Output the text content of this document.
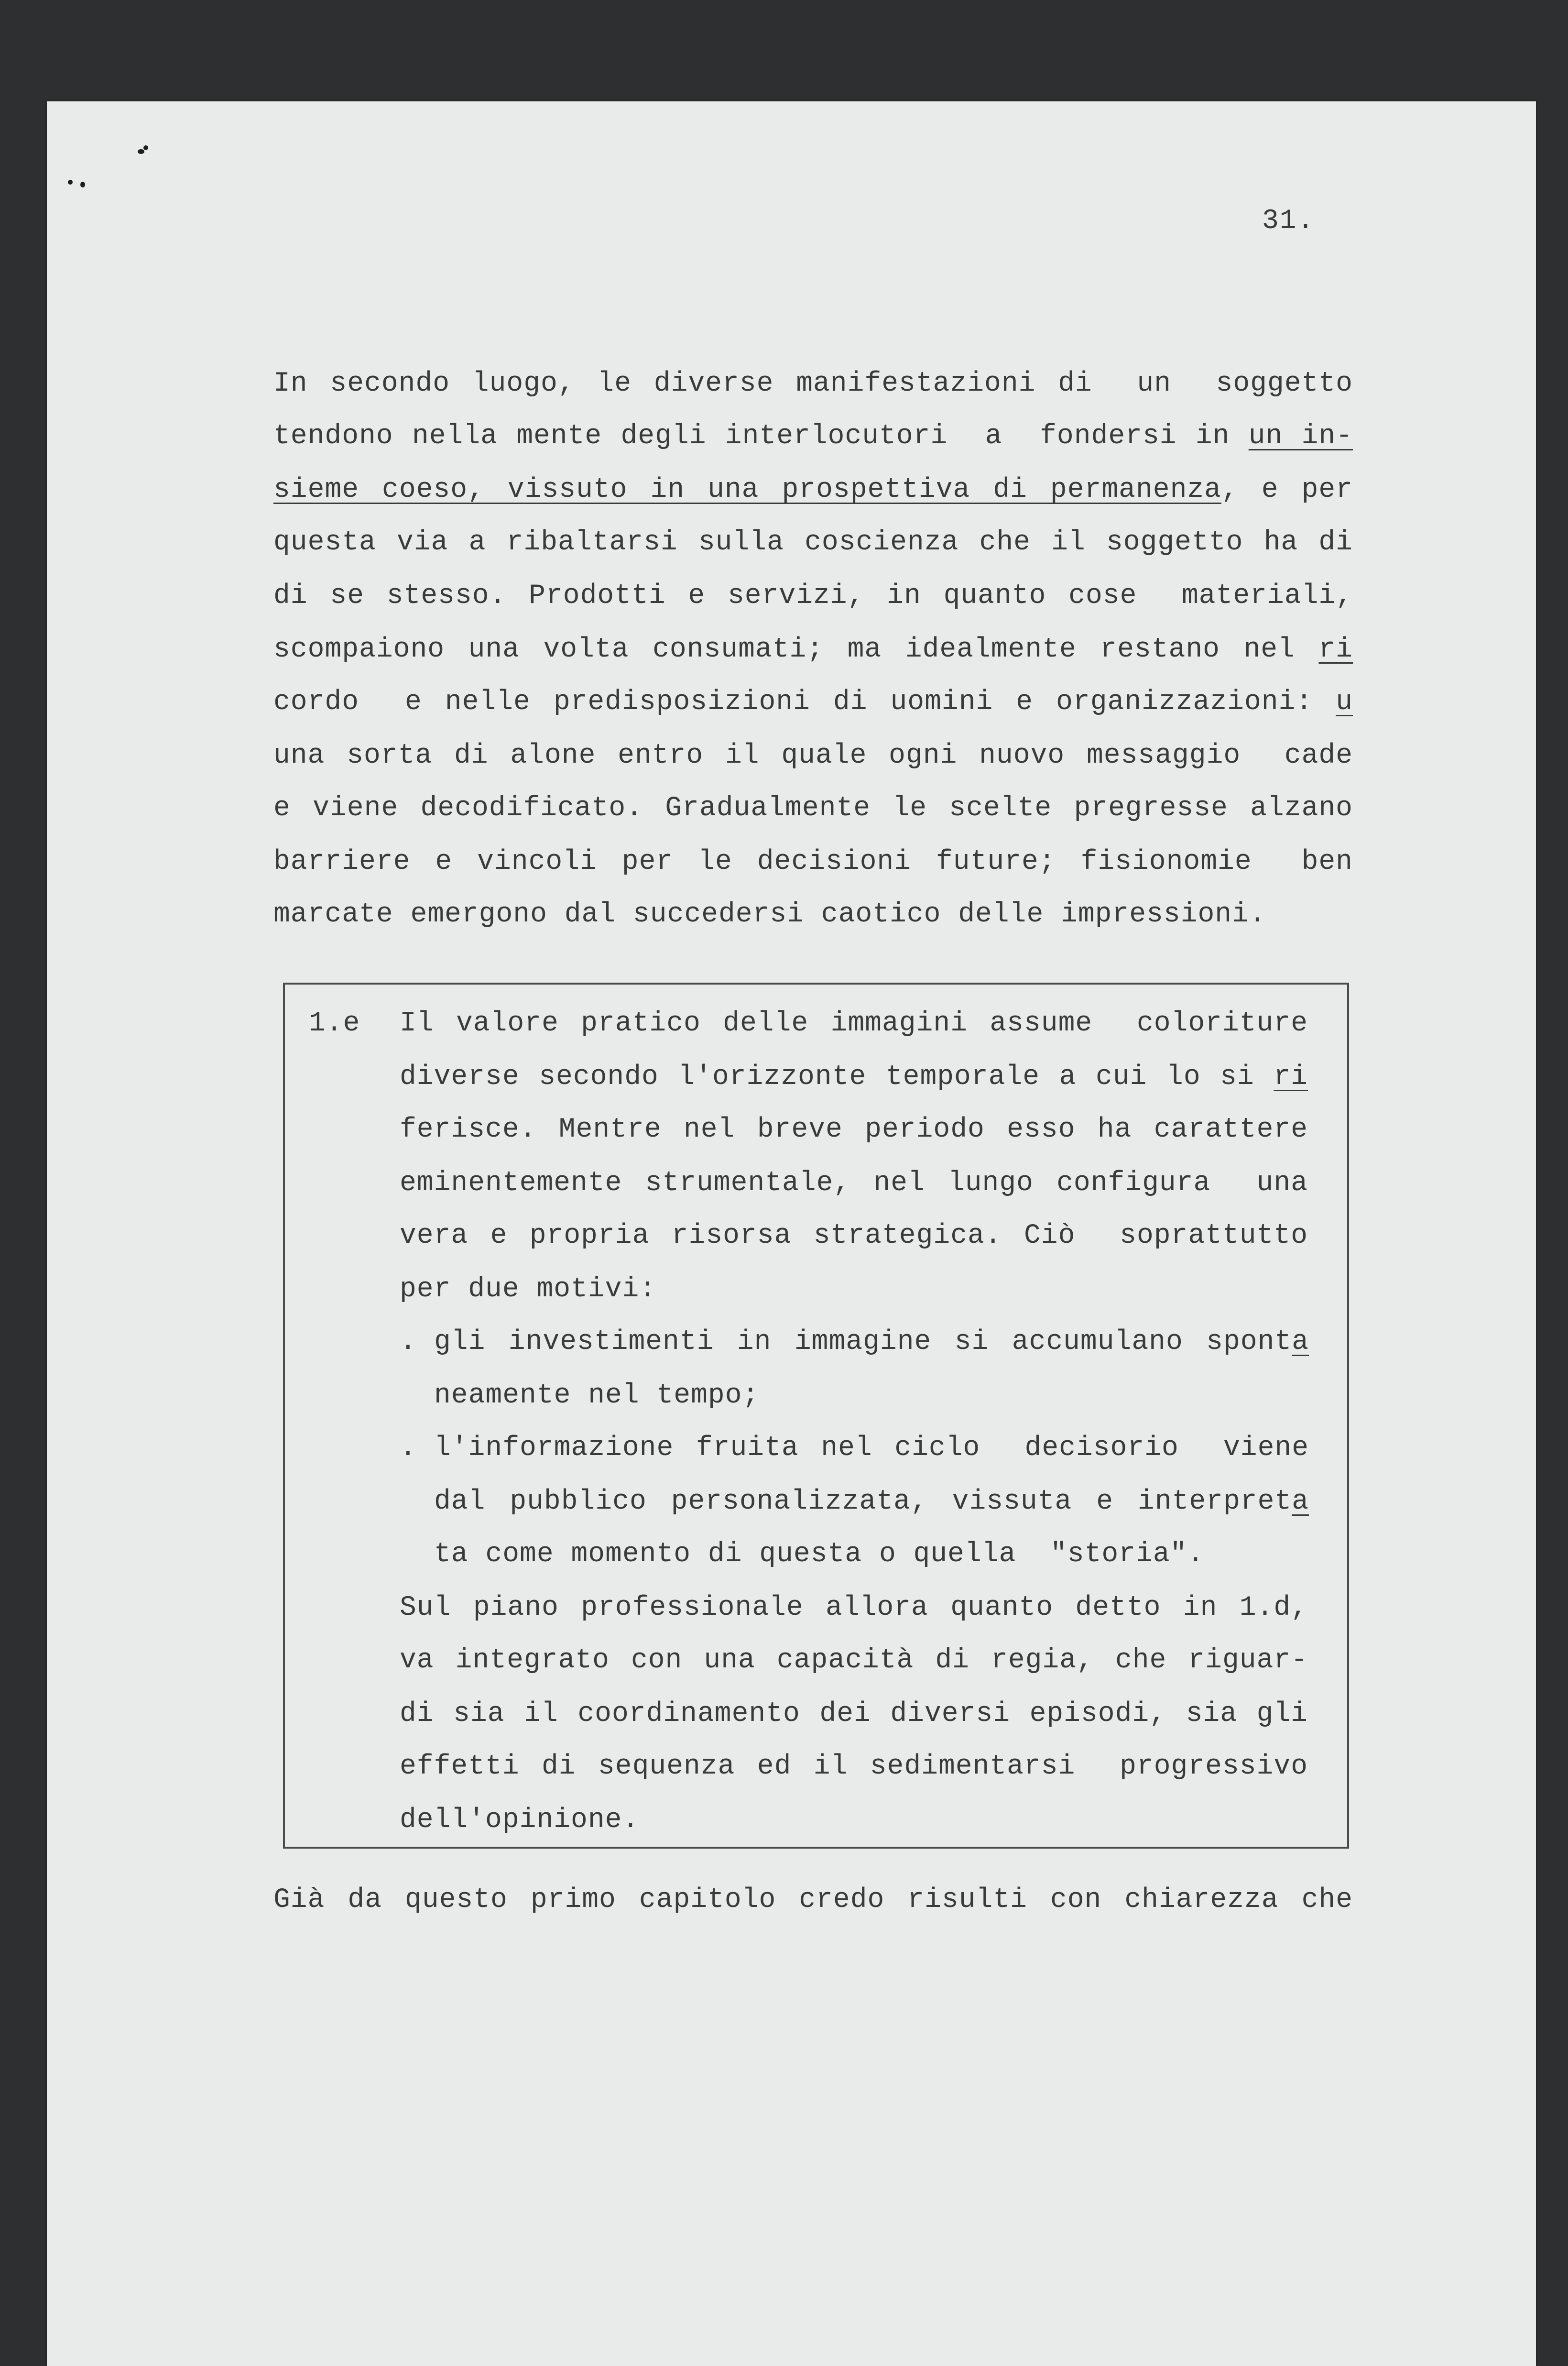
31.
In secondo luogo, le diverse manifestazioni di  un  soggetto
tendono nella mente degli interlocutori  a  fondersi in un in-
sieme coeso, vissuto in una prospettiva di permanenza, e per
questa via a ribaltarsi sulla coscienza che il soggetto ha di
di se stesso. Prodotti e servizi, in quanto cose  materiali,
scompaiono una volta consumati; ma idealmente restano nel ri
cordo  e nelle predisposizioni di uomini e organizzazioni: u
una sorta di alone entro il quale ogni nuovo messaggio  cade
e viene decodificato. Gradualmente le scelte pregresse alzano
barriere e vincoli per le decisioni future; fisionomie  ben
marcate emergono dal succedersi caotico delle impressioni.
1.e Il valore pratico delle immagini assume  coloriture
diverse secondo l'orizzonte temporale a cui lo si ri
ferisce. Mentre nel breve periodo esso ha carattere
eminentemente strumentale, nel lungo configura  una
vera e propria risorsa strategica. Ciò  soprattutto
per due motivi:
. gli investimenti in immagine si accumulano sponta
neamente nel tempo;
. l'informazione fruita nel ciclo  decisorio  viene
dal pubblico personalizzata, vissuta e interpreta
ta come momento di questa o quella  "storia".
Sul piano professionale allora quanto detto in 1.d,
va integrato con una capacità di regia, che riguar-
di sia il coordinamento dei diversi episodi, sia gli
effetti di sequenza ed il sedimentarsi  progressivo
dell'opinione.
Già da questo primo capitolo credo risulti con chiarezza che
